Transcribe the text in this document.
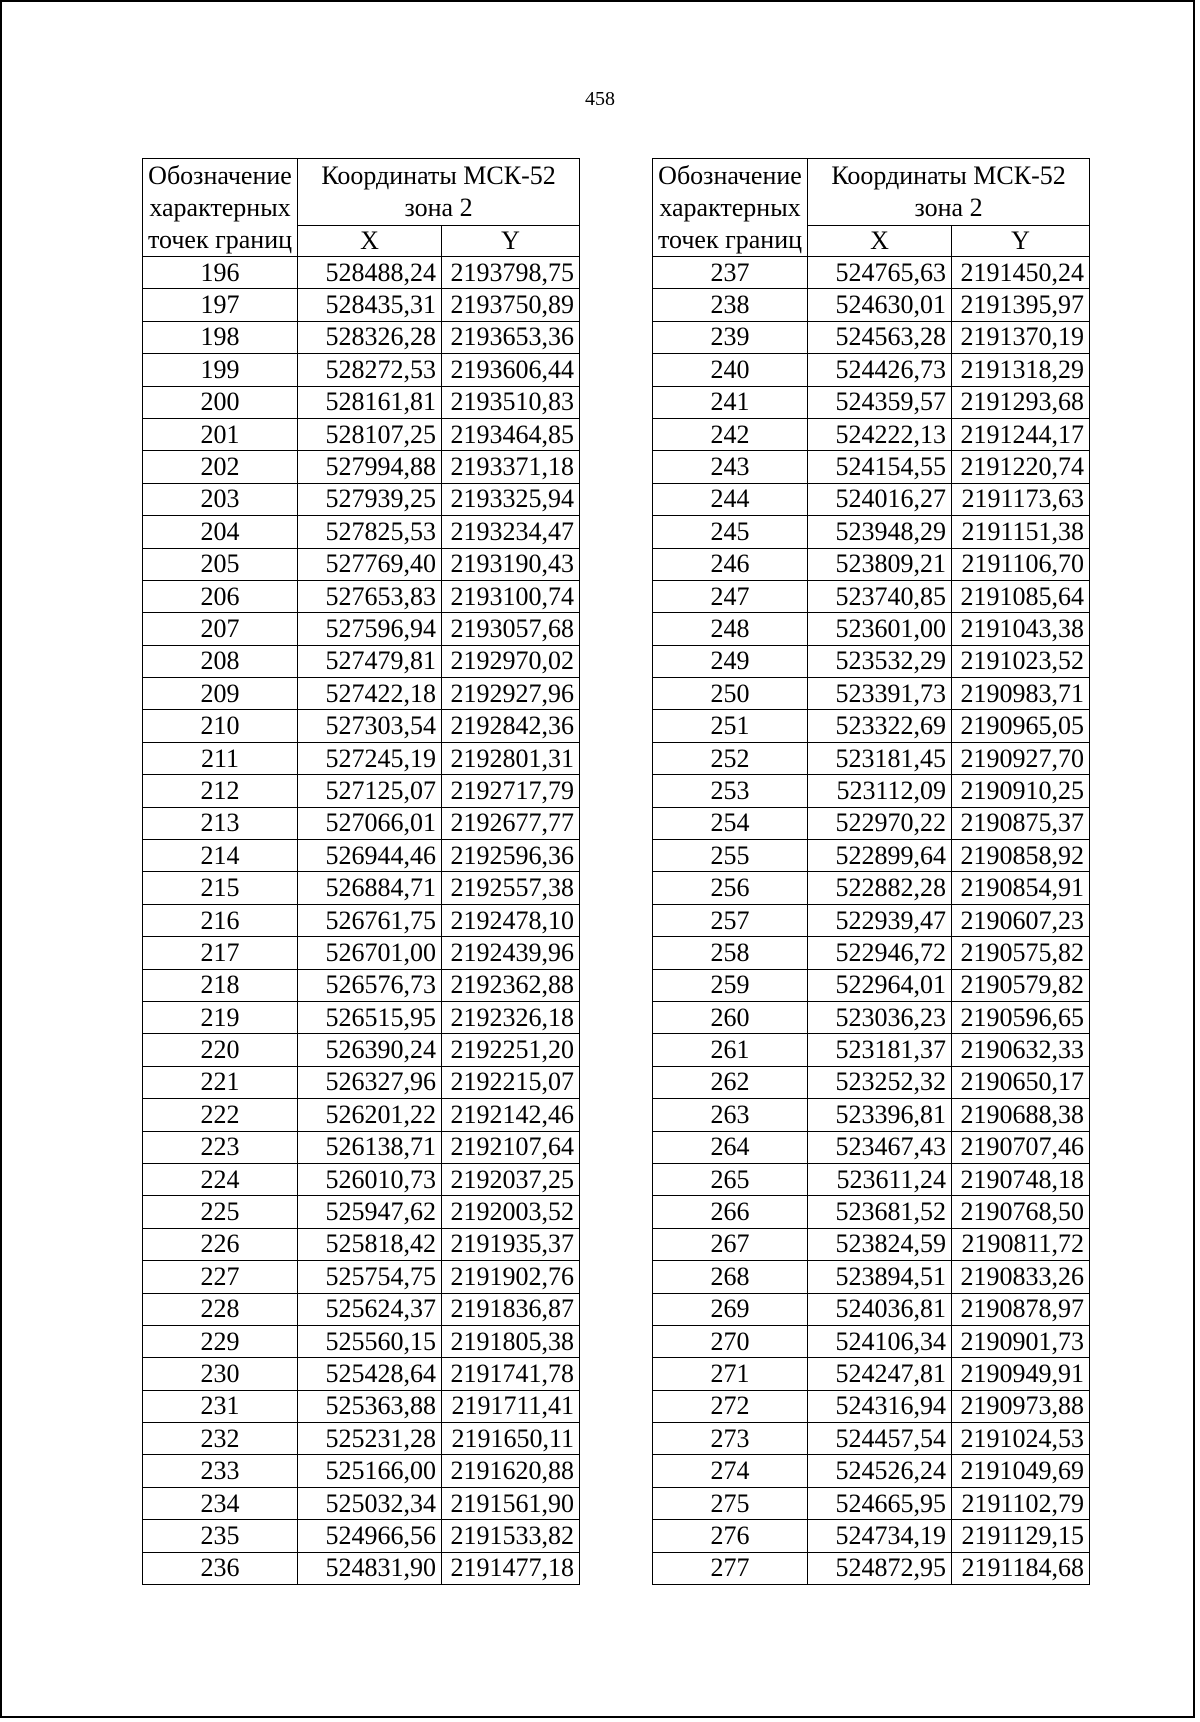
458
Обозначение
характерных
точек границ	Координаты МСК-52
зона 2	
	X	Y
196	528488,24	2193798,75
197	528435,31	2193750,89
198	528326,28	2193653,36
199	528272,53	2193606,44
200	528161,81	2193510,83
201	528107,25	2193464,85
202	527994,88	2193371,18
203	527939,25	2193325,94
204	527825,53	2193234,47
205	527769,40	2193190,43
206	527653,83	2193100,74
207	527596,94	2193057,68
208	527479,81	2192970,02
209	527422,18	2192927,96
210	527303,54	2192842,36
211	527245,19	2192801,31
212	527125,07	2192717,79
213	527066,01	2192677,77
214	526944,46	2192596,36
215	526884,71	2192557,38
216	526761,75	2192478,10
217	526701,00	2192439,96
218	526576,73	2192362,88
219	526515,95	2192326,18
220	526390,24	2192251,20
221	526327,96	2192215,07
222	526201,22	2192142,46
223	526138,71	2192107,64
224	526010,73	2192037,25
225	525947,62	2192003,52
226	525818,42	2191935,37
227	525754,75	2191902,76
228	525624,37	2191836,87
229	525560,15	2191805,38
230	525428,64	2191741,78
231	525363,88	2191711,41
232	525231,28	2191650,11
233	525166,00	2191620,88
234	525032,34	2191561,90
235	524966,56	2191533,82
236	524831,90	2191477,18
Обозначение
характерных
точек границ	Координаты МСК-52
зона 2	
	X	Y
237	524765,63	2191450,24
238	524630,01	2191395,97
239	524563,28	2191370,19
240	524426,73	2191318,29
241	524359,57	2191293,68
242	524222,13	2191244,17
243	524154,55	2191220,74
244	524016,27	2191173,63
245	523948,29	2191151,38
246	523809,21	2191106,70
247	523740,85	2191085,64
248	523601,00	2191043,38
249	523532,29	2191023,52
250	523391,73	2190983,71
251	523322,69	2190965,05
252	523181,45	2190927,70
253	523112,09	2190910,25
254	522970,22	2190875,37
255	522899,64	2190858,92
256	522882,28	2190854,91
257	522939,47	2190607,23
258	522946,72	2190575,82
259	522964,01	2190579,82
260	523036,23	2190596,65
261	523181,37	2190632,33
262	523252,32	2190650,17
263	523396,81	2190688,38
264	523467,43	2190707,46
265	523611,24	2190748,18
266	523681,52	2190768,50
267	523824,59	2190811,72
268	523894,51	2190833,26
269	524036,81	2190878,97
270	524106,34	2190901,73
271	524247,81	2190949,91
272	524316,94	2190973,88
273	524457,54	2191024,53
274	524526,24	2191049,69
275	524665,95	2191102,79
276	524734,19	2191129,15
277	524872,95	2191184,68
